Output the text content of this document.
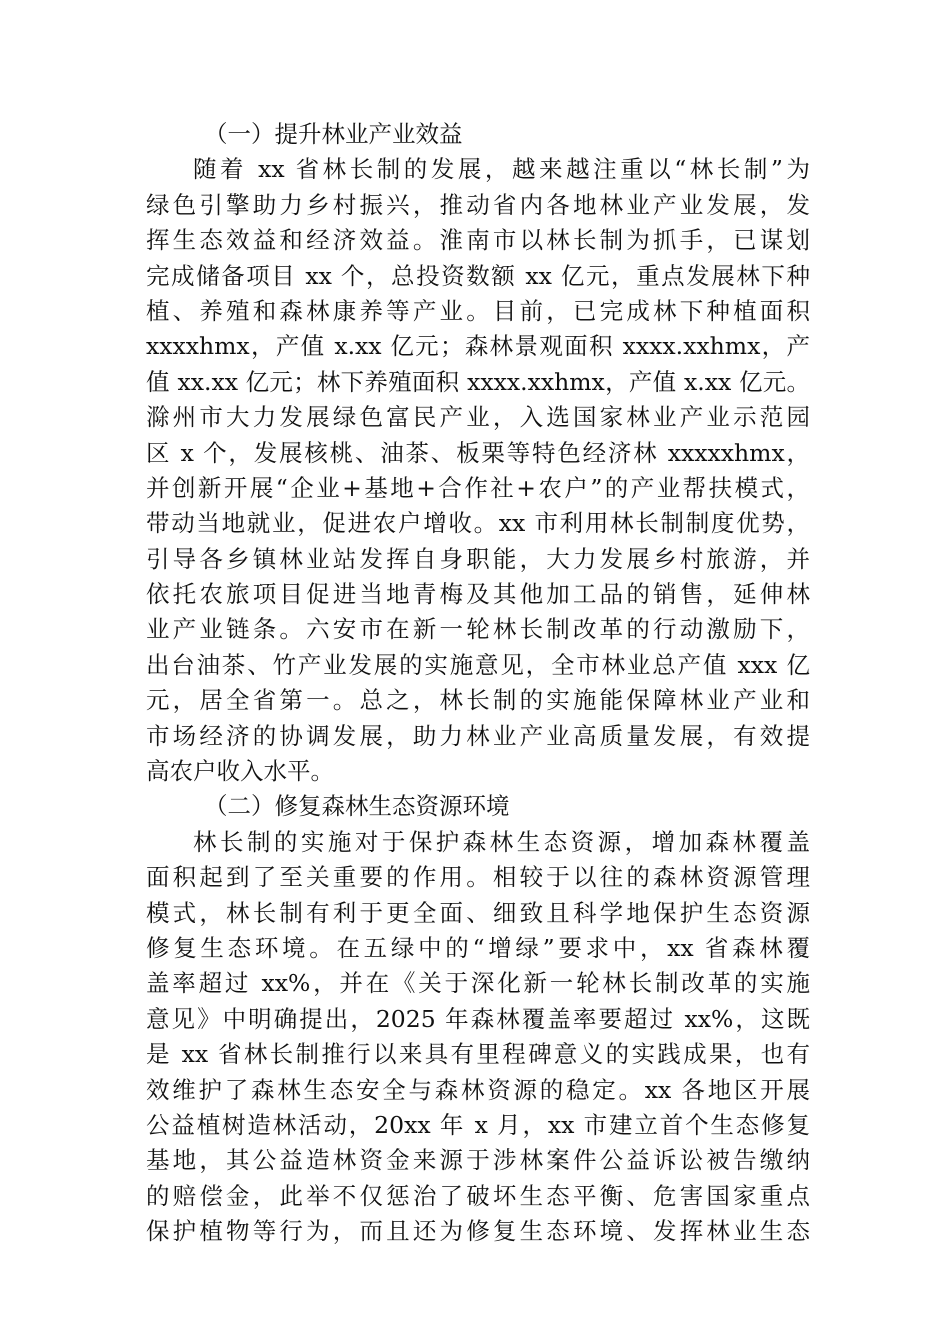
（一）提升林业产业效益
随着 xx 省林长制的发展，越来越注重以“林长制”为
绿色引擎助力乡村振兴，推动省内各地林业产业发展，发
挥生态效益和经济效益。淮南市以林长制为抓手，已谋划
完成储备项目 xx 个，总投资数额 xx 亿元，重点发展林下种
植、养殖和森林康养等产业。目前，已完成林下种植面积
xxxxhmx，产值 x.xx 亿元；森林景观面积 xxxx.xxhmx，产
值 xx.xx 亿元；林下养殖面积 xxxx.xxhmx，产值 x.xx 亿元。
滁州市大力发展绿色富民产业，入选国家林业产业示范园
区 x 个，发展核桃、油茶、板栗等特色经济林 xxxxxhmx，
并创新开展“企业+基地+合作社+农户”的产业帮扶模式，
带动当地就业，促进农户增收。xx 市利用林长制制度优势，
引导各乡镇林业站发挥自身职能，大力发展乡村旅游，并
依托农旅项目促进当地青梅及其他加工品的销售，延伸林
业产业链条。六安市在新一轮林长制改革的行动激励下，
出台油茶、竹产业发展的实施意见，全市林业总产值 xxx 亿
元，居全省第一。总之，林长制的实施能保障林业产业和
市场经济的协调发展，助力林业产业高质量发展，有效提
高农户收入水平。
（二）修复森林生态资源环境
林长制的实施对于保护森林生态资源，增加森林覆盖
面积起到了至关重要的作用。相较于以往的森林资源管理
模式，林长制有利于更全面、细致且科学地保护生态资源
修复生态环境。在五绿中的“增绿”要求中，xx 省森林覆
盖率超过 xx%，并在《关于深化新一轮林长制改革的实施
意见》中明确提出，2025 年森林覆盖率要超过 xx%，这既
是 xx 省林长制推行以来具有里程碑意义的实践成果，也有
效维护了森林生态安全与森林资源的稳定。xx 各地区开展
公益植树造林活动，20xx 年 x 月，xx 市建立首个生态修复
基地，其公益造林资金来源于涉林案件公益诉讼被告缴纳
的赔偿金，此举不仅惩治了破坏生态平衡、危害国家重点
保护植物等行为，而且还为修复生态环境、发挥林业生态
